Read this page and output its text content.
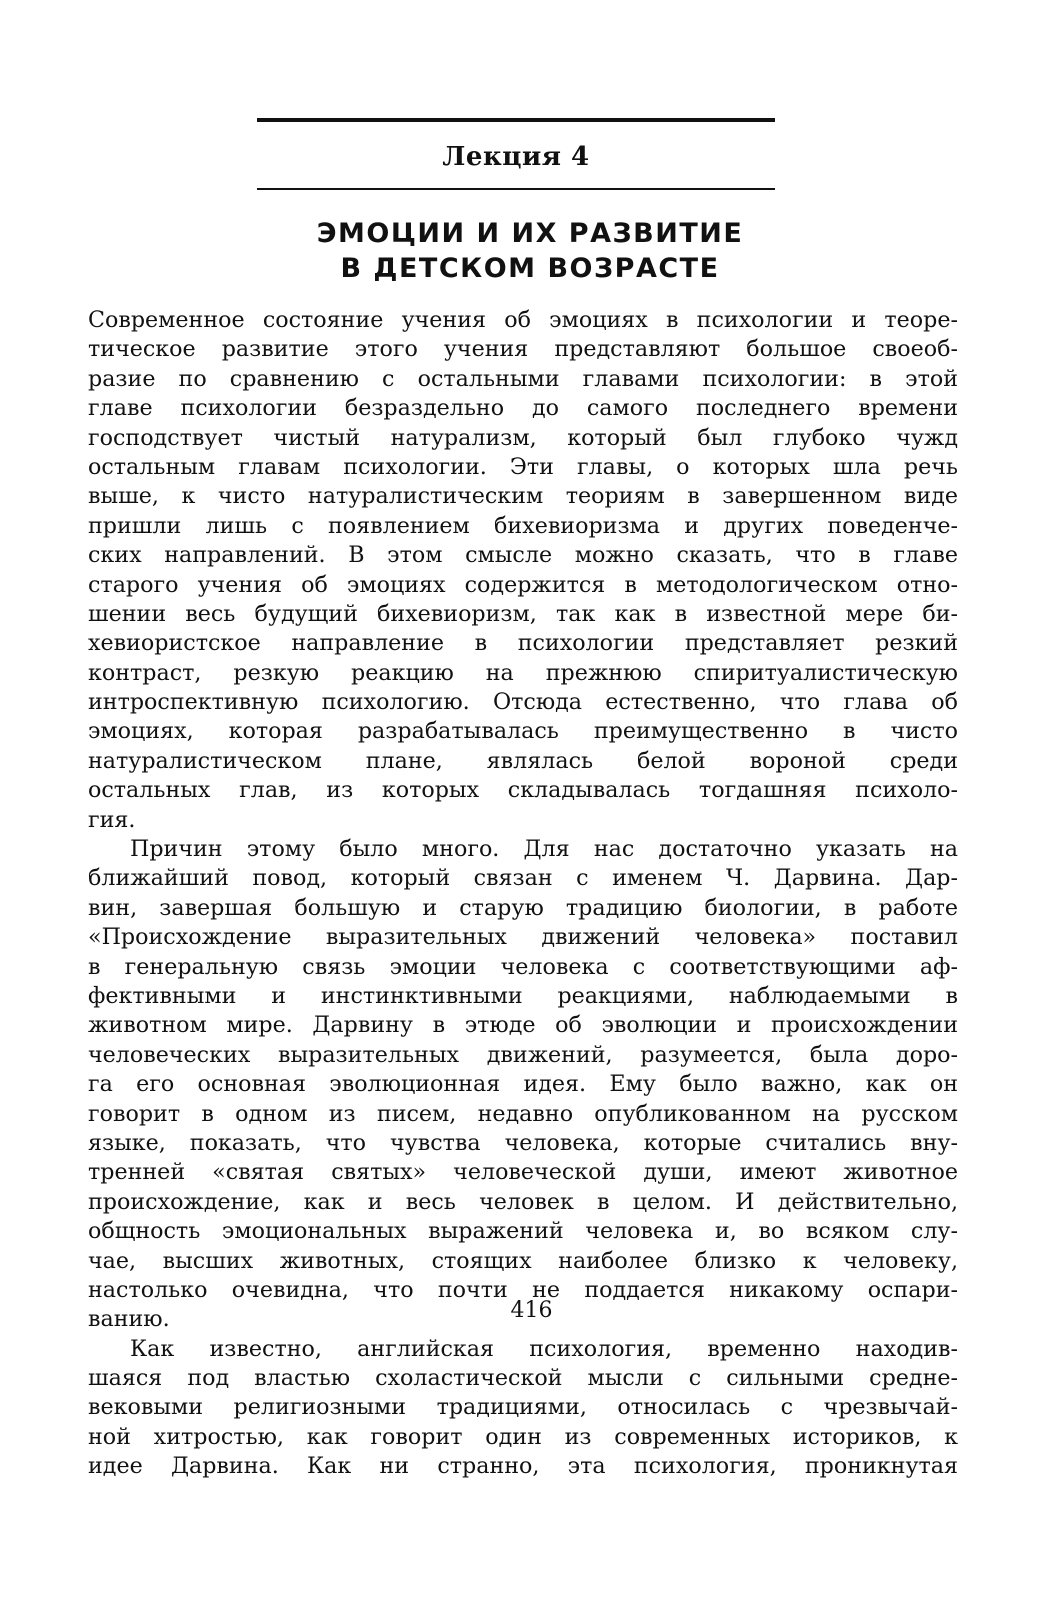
Лекция 4
ЭМОЦИИ И ИХ РАЗВИТИЕ
В ДЕТСКОМ ВОЗРАСТЕ
Современное состояние учения об эмоциях в психологии и теоре-
тическое развитие этого учения представляют большое своеоб-
разие по сравнению с остальными главами психологии: в этой
главе психологии безраздельно до самого последнего времени
господствует чистый натурализм, который был глубоко чужд
остальным главам психологии. Эти главы, о которых шла речь
выше, к чисто натуралистическим теориям в завершенном виде
пришли лишь с появлением бихевиоризма и других поведенче-
ских направлений. В этом смысле можно сказать, что в главе
старого учения об эмоциях содержится в методологическом отно-
шении весь будущий бихевиоризм, так как в известной мере би-
хевиористское направление в психологии представляет резкий
контраст, резкую реакцию на прежнюю спиритуалистическую
интроспективную психологию. Отсюда естественно, что глава об
эмоциях, которая разрабатывалась преимущественно в чисто
натуралистическом плане, являлась белой вороной среди
остальных глав, из которых складывалась тогдашняя психоло-
гия.
Причин этому было много. Для нас достаточно указать на
ближайший повод, который связан с именем Ч. Дарвина. Дар-
вин, завершая большую и старую традицию биологии, в работе
«Происхождение выразительных движений человека» поставил
в генеральную связь эмоции человека с соответствующими аф-
фективными и инстинктивными реакциями, наблюдаемыми в
животном мире. Дарвину в этюде об эволюции и происхождении
человеческих выразительных движений, разумеется, была доро-
га его основная эволюционная идея. Ему было важно, как он
говорит в одном из писем, недавно опубликованном на русском
языке, показать, что чувства человека, которые считались вну-
тренней «святая святых» человеческой души, имеют животное
происхождение, как и весь человек в целом. И действительно,
общность эмоциональных выражений человека и, во всяком слу-
чае, высших животных, стоящих наиболее близко к человеку,
настолько очевидна, что почти не поддается никакому оспари-
ванию.
Как известно, английская психология, временно находив-
шаяся под властью схоластической мысли с сильными средне-
вековыми религиозными традициями, относилась с чрезвычай-
ной хитростью, как говорит один из современных историков, к
идее Дарвина. Как ни странно, эта психология, проникнутая
416
